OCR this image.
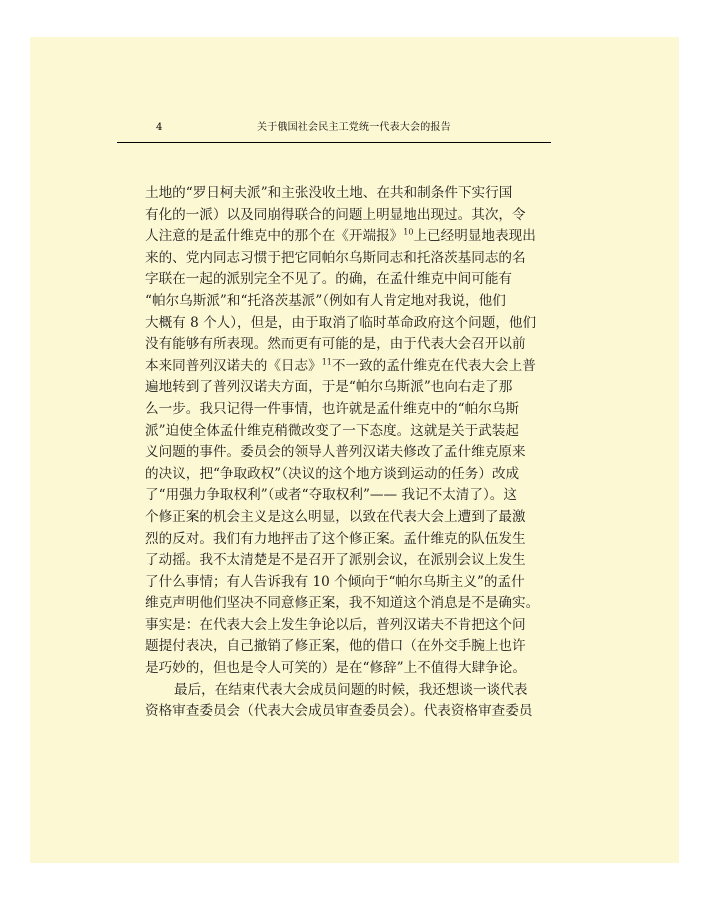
4	关于俄国社会民主工党统一代表大会的报告
土地的“罗日柯夫派”和主张没收土地、在共和制条件下实行国
有化的一派）以及同崩得联合的问题上明显地出现过。其次，令
人注意的是孟什维克中的那个在《开端报》$^{10}$上已经明显地表现出
来的、党内同志习惯于把它同帕尔乌斯同志和托洛茨基同志的名
字联在一起的派别完全不见了。的确，在孟什维克中间可能有
“帕尔乌斯派”和“托洛茨基派”（例如有人肯定地对我说，他们
大概有 8 个人），但是，由于取消了临时革命政府这个问题，他们
没有能够有所表现。然而更有可能的是，由于代表大会召开以前
本来同普列汉诺夫的《日志》$^{11}$不一致的孟什维克在代表大会上普
遍地转到了普列汉诺夫方面，于是“帕尔乌斯派”也向右走了那
么一步。我只记得一件事情，也许就是孟什维克中的“帕尔乌斯
派”迫使全体孟什维克稍微改变了一下态度。这就是关于武装起
义问题的事件。委员会的领导人普列汉诺夫修改了孟什维克原来
的决议，把“争取政权”（决议的这个地方谈到运动的任务）改成
了“用强力争取权利”（或者“夺取权利”—— 我记不太清了）。这
个修正案的机会主义是这么明显，以致在代表大会上遭到了最激
烈的反对。我们有力地抨击了这个修正案。孟什维克的队伍发生
了动摇。我不太清楚是不是召开了派别会议，在派别会议上发生
了什么事情；有人告诉我有 10 个倾向于“帕尔乌斯主义”的孟什
维克声明他们坚决不同意修正案，我不知道这个消息是不是确实。
事实是：在代表大会上发生争论以后，普列汉诺夫不肯把这个问
题提付表决，自己撤销了修正案，他的借口（在外交手腕上也许
是巧妙的，但也是令人可笑的）是在“修辞”上不值得大肆争论。
最后，在结束代表大会成员问题的时候，我还想谈一谈代表
资格审查委员会（代表大会成员审查委员会）。代表资格审查委员
